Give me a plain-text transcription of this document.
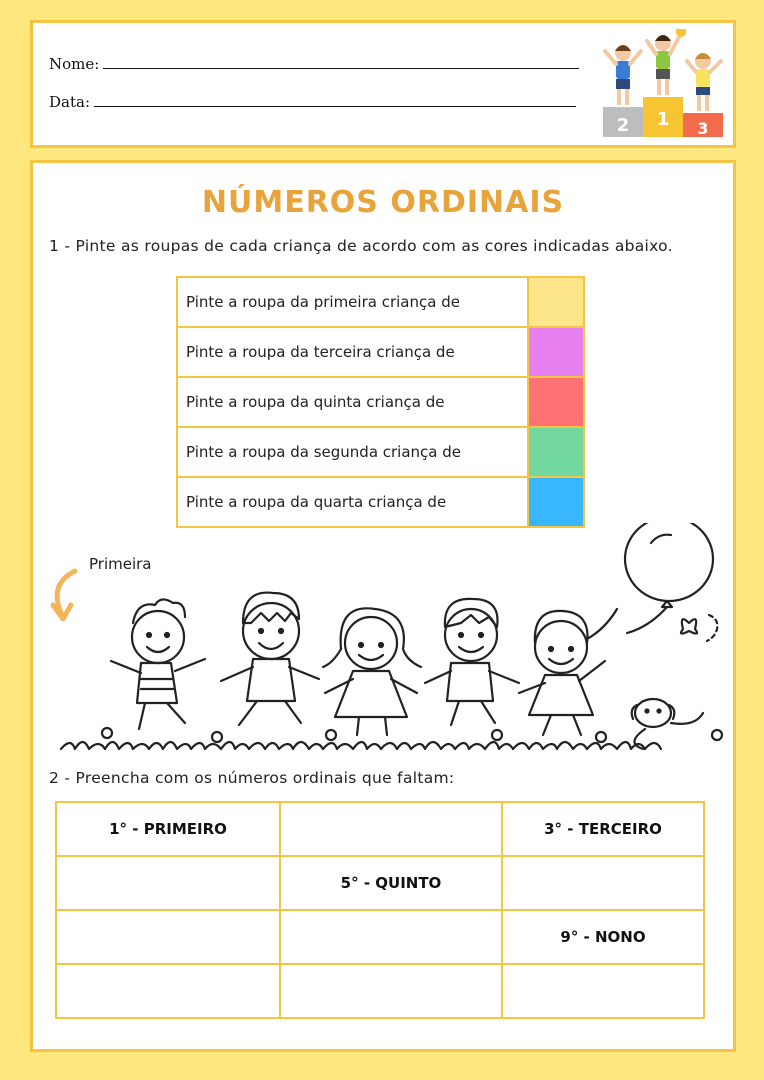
Nome:
Data:
2 1 3
NÚMEROS ORDINAIS
1 - Pinte as roupas de cada criança de acordo com as cores indicadas abaixo.
Pinte a roupa da primeira criança de	
Pinte a roupa da terceira criança de	
Pinte a roupa da quinta criança de	
Pinte a roupa da segunda criança de	
Pinte a roupa da quarta criança de	
Primeira
2 - Preencha com os números ordinais que faltam:
1° - PRIMEIRO		3° - TERCEIRO
	5° - QUINTO	
		9° - NONO
